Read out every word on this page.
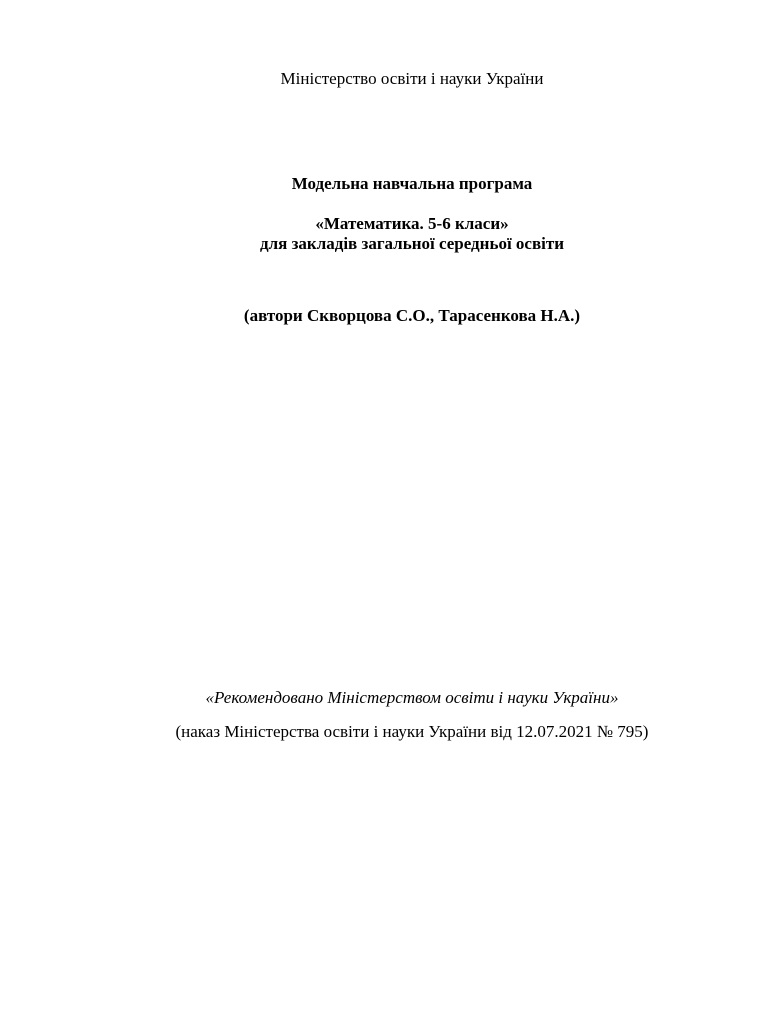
Міністерство освіти і науки України
Модельна навчальна програма
«Математика. 5-6 класи»
для закладів загальної середньої освіти
(автори Скворцова С.О., Тарасенкова Н.А.)
«Рекомендовано Міністерством освіти і науки України»
(наказ Міністерства освіти і науки України від 12.07.2021 № 795)
